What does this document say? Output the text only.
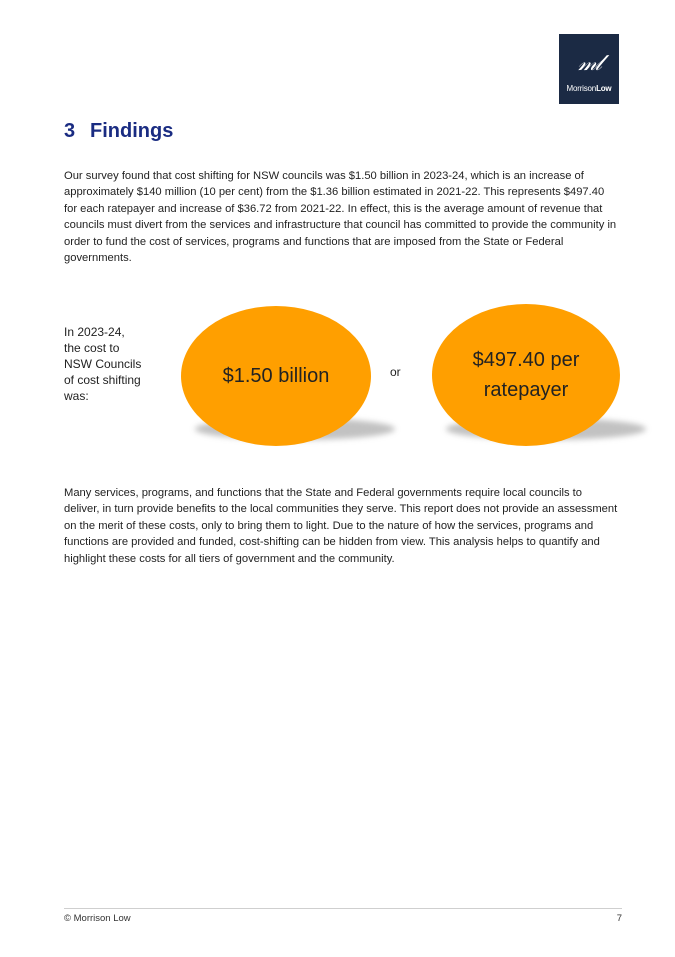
𝓂𝓁
MorrisonLow
3 Findings

Our survey found that cost shifting for NSW councils was $1.50 billion in 2023-24, which is an increase of approximately $140 million (10 per cent) from the $1.36 billion estimated in 2021-22. This represents $497.40 for each ratepayer and increase of $36.72 from 2021-22. In effect, this is the average amount of revenue that councils must divert from the services and infrastructure that council has committed to provide the community in order to fund the cost of services, programs and functions that are imposed from the State or Federal governments.

In 2023-24, the cost to NSW Councils of cost shifting was:

$1.50 billion	or

$497.40 per ratepayer

Many services, programs, and functions that the State and Federal governments require local councils to deliver, in turn provide benefits to the local communities they serve. This report does not provide an assessment on the merit of these costs, only to bring them to light. Due to the nature of how the services, programs and functions are provided and funded, cost-shifting can be hidden from view. This analysis helps to quantify and highlight these costs for all tiers of government and the community.

© Morrison Low	7
